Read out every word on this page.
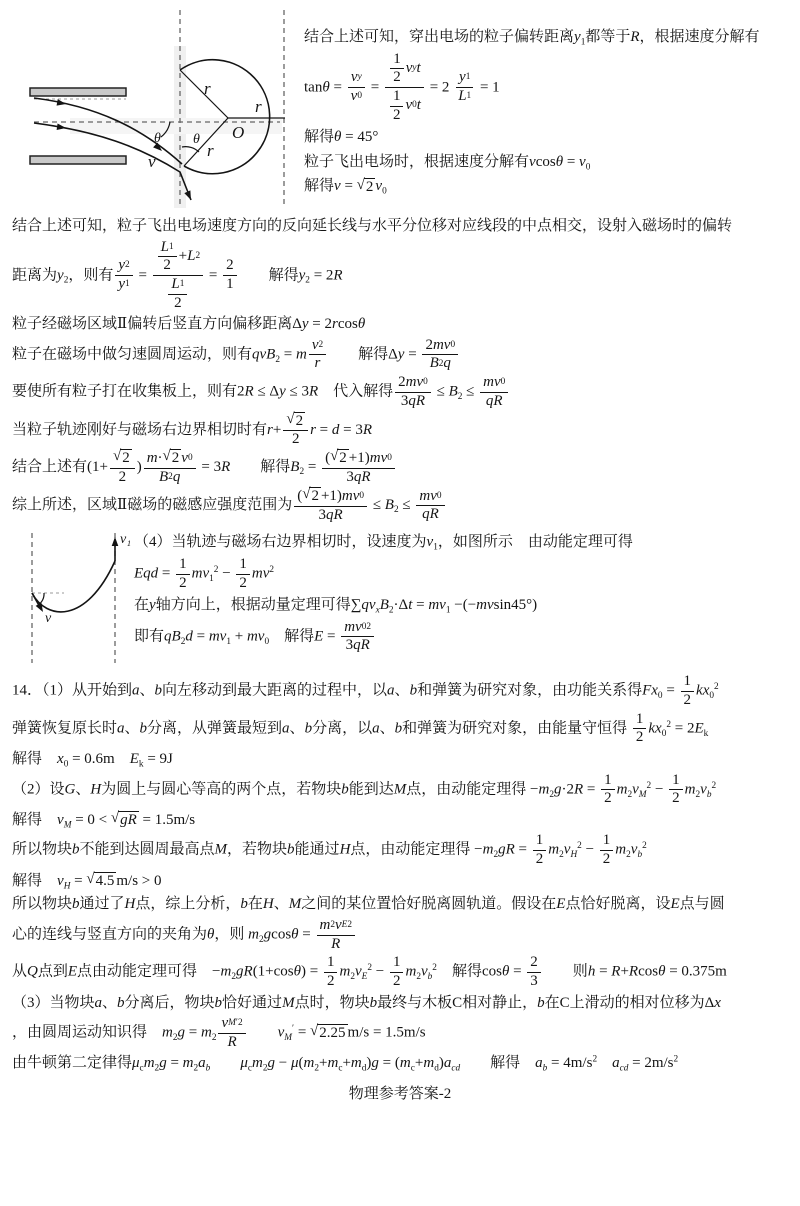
r
r
r
O
θ θ
v
结合上述可知，穿出电场的粒子偏转距离$y_1$都等于R，根据速度分解有
$\tan\theta = \frac{\text{v y}}{v 0} = \frac{\frac{1}{2} v y t}{\frac{1}{2} v 0 t} = 2 \frac{y 1}{L 1} = 1$
解得θ = 45°
粒子飞出电场时，根据速度分解有$vcos\theta = v_0$
解得v = √ 2 $v_0$
结合上述可知，粒子飞出电场速度方向的反向延长线与水平分位移对应线段的中点相交，设射入磁场时的偏转
距离为$y_2$，则有 $\frac{y 2}{y 1} = \frac{\frac{L 1}{2} + L 2}{\frac{L 1}{2}} = \frac{2}{1}$ 　　解得$y_2 = 2R$
粒子经磁场区域Ⅱ偏转后竖直方向偏移距离Δy = 2rcosθ
粒子在磁场中做匀速圆周运动，则有qvB$_2$ = m $\frac{v 2}{r}$ 　　解得$\Delta y = \frac{2 mv 0}{B 2 q}$
要使所有粒子打在收集板上，则有2R ≤ Δy ≤ 3R　代入解得 $\frac{2 mv 0}{3 qR} \le B_2 \le \frac{mv 0}{qR}$
当粒子轨迹刚好与磁场右边界相切时有$r+ \frac{√ 2}{2}$ r = d = 3R
结合上述有($1+ \frac{√ 2}{2}$ ) $\frac{m \cdot √ 2 v 0}{B 2 q} = 3R$　　解得$B_2 = \frac{( √ 2 +1) mv 0}{3 qR}$
综上所述，区域Ⅱ磁场的磁感应强度范围为 $\frac{( √ 2 +1) mv 0}{3 qR} \le B_2 \le \frac{mv 0}{qR}$
v₁
v
（4）当轨迹与磁场右边界相切时，设速度为$v_1$，如图所示　由动能定理可得
Eqd = $\frac{1}{2} mv_1^2 - \frac{1}{2} mv^2$
在y轴方向上，根据动量定理可得$\sum qv_xB_2\cdot\Delta t = mv_1 -(-mvsin45^\circ)$
即有$qB_2d = mv_1 + mv_0$　解得$E = \frac{mv 0 2}{3 qR}$
14．（1）从开始到a、b向左移动到最大距离的过程中，以a、b和弹簧为研究对象，由功能关系得$Fx_0 = \frac{1}{2} kx_0^2$
弹簧恢复原长时a、b分离，从弹簧最短到a、b分离，以a、b和弹簧为研究对象，由能量守恒得 $\frac{1}{2} kx_0^2 = 2E_k$
解得　$x_0 = 0.6m$　$E_k = 9J$
（2）设G、H为圆上与圆心等高的两个点，若物块b能到达M点，由动能定理得 $-m_2g\cdot 2R = \frac{1}{2} m_2v_M^2 - \frac{1}{2} m_2v_b^2$
解得　$v_M = 0$ < √ gR = 1.5m/s
所以物块b不能到达圆周最高点M，若物块b能通过H点，由动能定理得 $-m_2gR = \frac{1}{2} m_2v_H^2 - \frac{1}{2} m_2v_b^2$
解得　$v_H$ = √ 4.5 m/s > 0
所以物块b通过了H点，综上分析，b在H、M之间的某位置恰好脱离圆轨道。假设在E点恰好脱离，设E点与圆
心的连线与竖直方向的夹角为θ，则 $m_2gcos\theta = \frac{\text{m 2 v E 2}}{R}$
从Q点到E点由动能定理可得　$-m_2gR(1+\cos\theta) = \frac{1}{2} m_2v_E^2 - \frac{1}{2} m_2v_b^2$　解得$\cos\theta = \frac{2}{3}$ 　　则h = R+Rcosθ = 0.375m
（3）当物块a、b分离后，物块b恰好通过M点时，物块b最终与木板C相对静止，b在C上滑动的相对位移为Δx
，由圆周运动知识得　$m_2g = m_2 \frac{\text{v M ′2}}{R}$
　　 $v_M'$ = √ 2.25 m/s = 1.5m/s
由牛顿第二定律得$\mu_cm_2g = m_2a_b$　　 $\mu_cm_2g - \mu(m_2+m_c+m_d)g = (m_c+m_d)a_{cd}$　　解得　$a_b = 4m/s^2$　 $a_{cd} = 2m/s^2$
物理参考答案-2
